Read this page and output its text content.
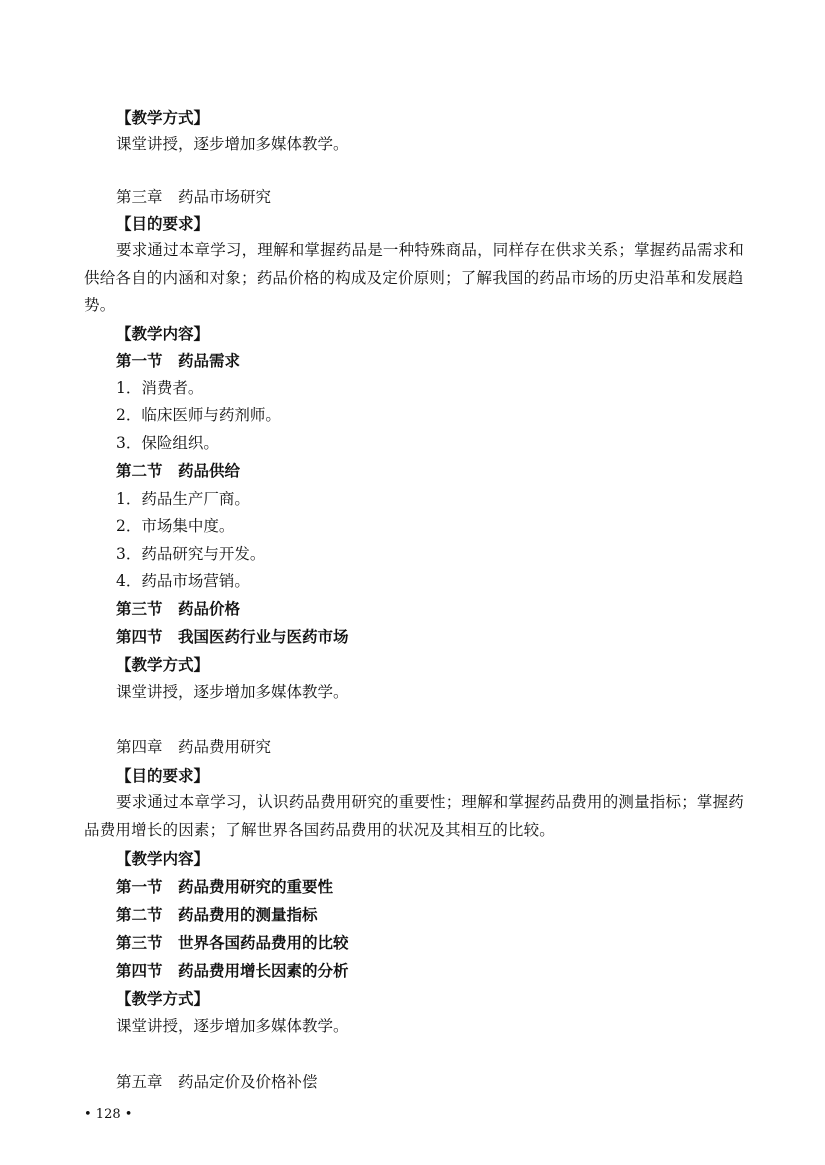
【教学方式】
课堂讲授，逐步增加多媒体教学。
第三章　药品市场研究
【目的要求】
要求通过本章学习，理解和掌握药品是一种特殊商品，同样存在供求关系；掌握药品需求和供给各自的内涵和对象；药品价格的构成及定价原则；了解我国的药品市场的历史沿革和发展趋势。
【教学内容】
第一节　药品需求
1．消费者。
2．临床医师与药剂师。
3．保险组织。
第二节　药品供给
1．药品生产厂商。
2．市场集中度。
3．药品研究与开发。
4．药品市场营销。
第三节　药品价格
第四节　我国医药行业与医药市场
【教学方式】
课堂讲授，逐步增加多媒体教学。
第四章　药品费用研究
【目的要求】
要求通过本章学习，认识药品费用研究的重要性；理解和掌握药品费用的测量指标；掌握药品费用增长的因素；了解世界各国药品费用的状况及其相互的比较。
【教学内容】
第一节　药品费用研究的重要性
第二节　药品费用的测量指标
第三节　世界各国药品费用的比较
第四节　药品费用增长因素的分析
【教学方式】
课堂讲授，逐步增加多媒体教学。
第五章　药品定价及价格补偿
• 128 •
